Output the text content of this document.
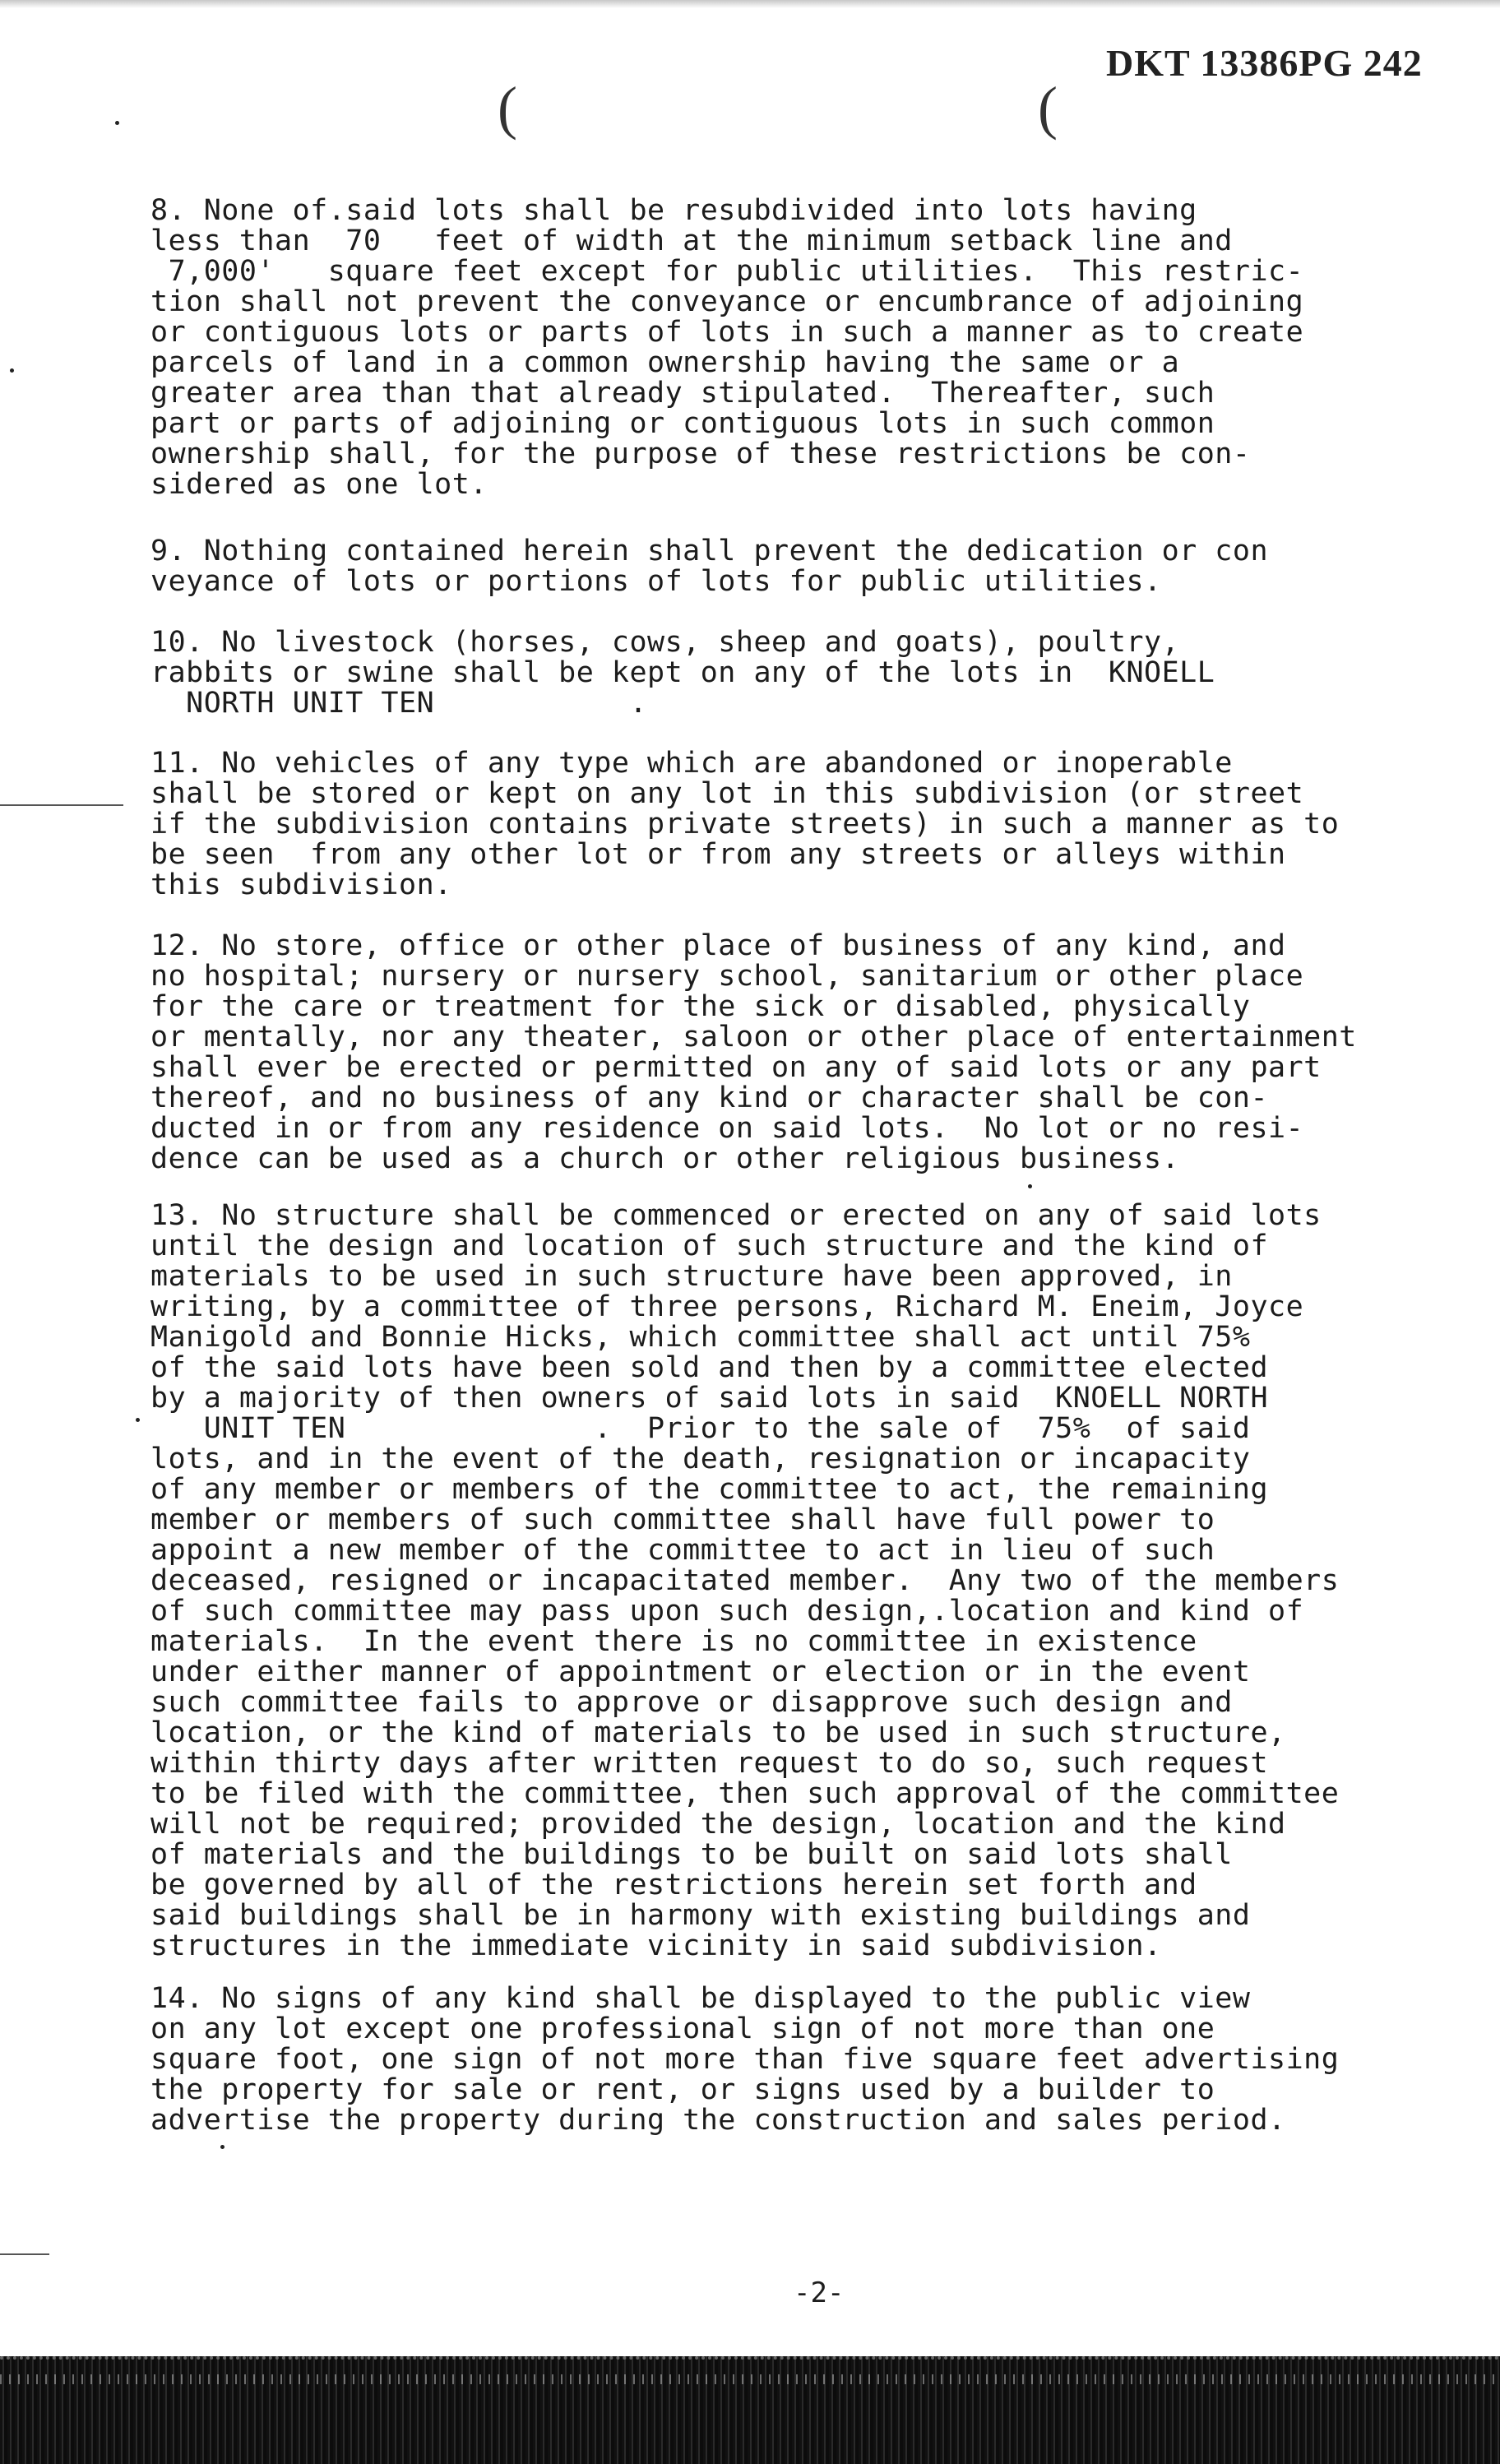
DKT 13386PG 242
(	(
8. None of.said lots shall be resubdivided into lots having
less than  70   feet of width at the minimum setback line and
7,000'   square feet except for public utilities.  This restric-
tion shall not prevent the conveyance or encumbrance of adjoining
or contiguous lots or parts of lots in such a manner as to create
parcels of land in a common ownership having the same or a
greater area than that already stipulated.  Thereafter, such
part or parts of adjoining or contiguous lots in such common
ownership shall, for the purpose of these restrictions be con-
sidered as one lot.
9. Nothing contained herein shall prevent the dedication or con
veyance of lots or portions of lots for public utilities.
10. No livestock (horses, cows, sheep and goats), poultry,
rabbits or swine shall be kept on any of the lots in  KNOELL
NORTH UNIT TEN           .
11. No vehicles of any type which are abandoned or inoperable
shall be stored or kept on any lot in this subdivision (or street
if the subdivision contains private streets) in such a manner as to
be seen  from any other lot or from any streets or alleys within
this subdivision.
12. No store, office or other place of business of any kind, and
no hospital; nursery or nursery school, sanitarium or other place
for the care or treatment for the sick or disabled, physically
or mentally, nor any theater, saloon or other place of entertainment
shall ever be erected or permitted on any of said lots or any part
thereof, and no business of any kind or character shall be con-
ducted in or from any residence on said lots.  No lot or no resi-
dence can be used as a church or other religious business.
13. No structure shall be commenced or erected on any of said lots
until the design and location of such structure and the kind of
materials to be used in such structure have been approved, in
writing, by a committee of three persons, Richard M. Eneim, Joyce
Manigold and Bonnie Hicks, which committee shall act until 75%
of the said lots have been sold and then by a committee elected
by a majority of then owners of said lots in said  KNOELL NORTH
UNIT TEN              .  Prior to the sale of  75%  of said
lots, and in the event of the death, resignation or incapacity
of any member or members of the committee to act, the remaining
member or members of such committee shall have full power to
appoint a new member of the committee to act in lieu of such
deceased, resigned or incapacitated member.  Any two of the members
of such committee may pass upon such design,.location and kind of
materials.  In the event there is no committee in existence
under either manner of appointment or election or in the event
such committee fails to approve or disapprove such design and
location, or the kind of materials to be used in such structure,
within thirty days after written request to do so, such request
to be filed with the committee, then such approval of the committee
will not be required; provided the design, location and the kind
of materials and the buildings to be built on said lots shall
be governed by all of the restrictions herein set forth and
said buildings shall be in harmony with existing buildings and
structures in the immediate vicinity in said subdivision.
14. No signs of any kind shall be displayed to the public view
on any lot except one professional sign of not more than one
square foot, one sign of not more than five square feet advertising
the property for sale or rent, or signs used by a builder to
advertise the property during the construction and sales period.
-2-
